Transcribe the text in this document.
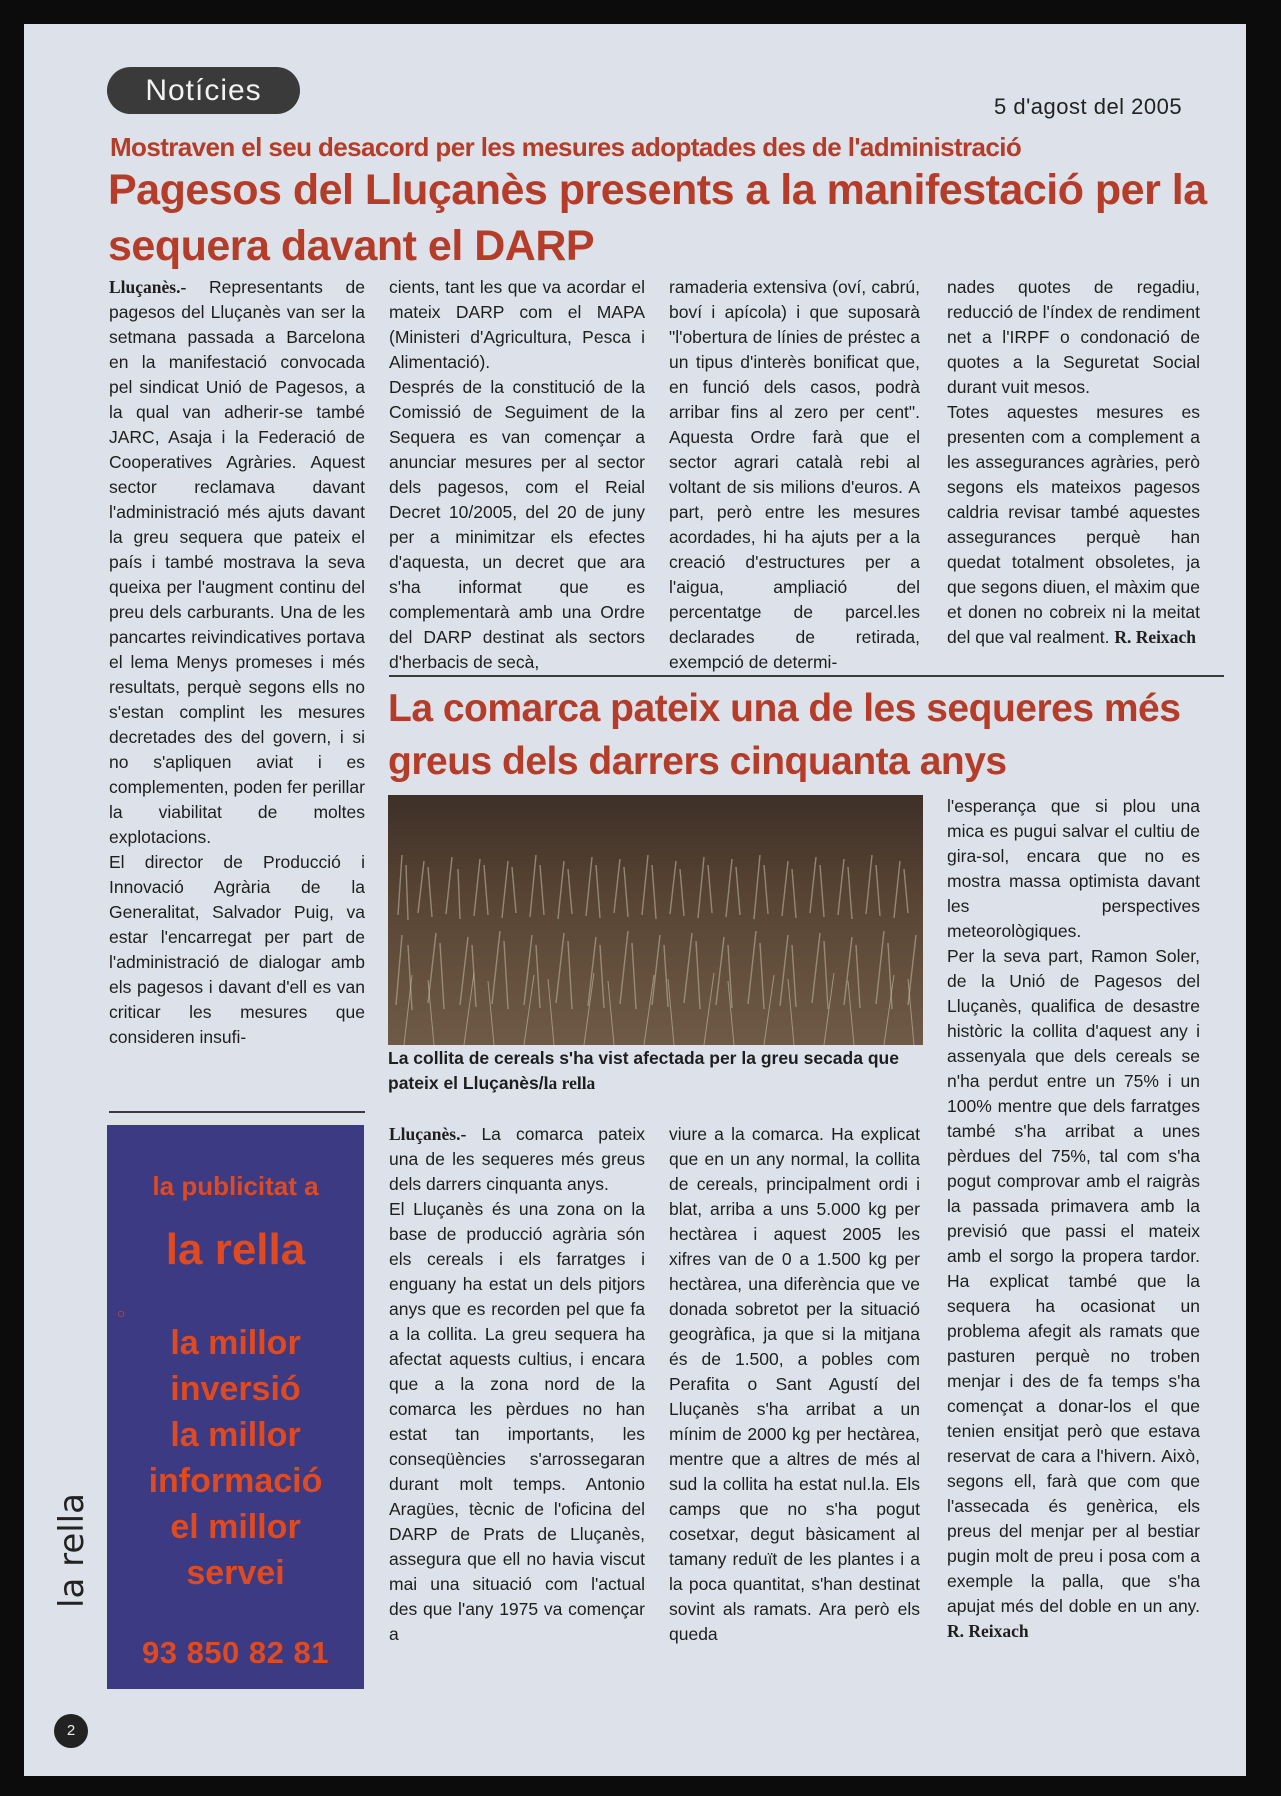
Notícies	5 d'agost del 2005
Mostraven el seu desacord per les mesures adoptades des de l'administració
Pagesos del Lluçanès presents a la manifestació per la sequera davant el DARP

Lluçanès.- Representants de pagesos del Lluçanès van ser la setmana passada a Barcelona en la manifestació convocada pel sindicat Unió de Pagesos, a la qual van adherir-se també JARC, Asaja i la Federació de Cooperatives Agràries. Aquest sector reclamava davant l'administració més ajuts davant la greu sequera que pateix el país i també mostrava la seva queixa per l'augment continu del preu dels carburants. Una de les pancartes reivindicatives portava el lema Menys promeses i més resultats, perquè segons ells no s'estan complint les mesures decretades des del govern, i si no s'apliquen aviat i es complementen, poden fer perillar la viabilitat de moltes explotacions.

El director de Producció i Innovació Agrària de la Generalitat, Salvador Puig, va estar l'encarregat per part de l'administració de dialogar amb els pagesos i davant d'ell es van criticar les mesures que consideren insufi-

cients, tant les que va acordar el mateix DARP com el MAPA (Ministeri d'Agricultura, Pesca i Alimentació).

Després de la constitució de la Comissió de Seguiment de la Sequera es van començar a anunciar mesures per al sector dels pagesos, com el Reial Decret 10/2005, del 20 de juny per a minimitzar els efectes d'aquesta, un decret que ara s'ha informat que es complementarà amb una Ordre del DARP destinat als sectors d'herbacis de secà,

ramaderia extensiva (oví, cabrú, boví i apícola) i que suposarà "l'obertura de línies de préstec a un tipus d'interès bonificat que, en funció dels casos, podrà arribar fins al zero per cent". Aquesta Ordre farà que el sector agrari català rebi al voltant de sis milions d'euros. A part, però entre les mesures acordades, hi ha ajuts per a la creació d'estructures per a l'aigua, ampliació del percentatge de parcel.les declarades de retirada, exempció de determi-

nades quotes de regadiu, reducció de l'índex de rendiment net a l'IRPF o condonació de quotes a la Seguretat Social durant vuit mesos.

Totes aquestes mesures es presenten com a complement a les assegurances agràries, però segons els mateixos pagesos caldria revisar també aquestes assegurances perquè han quedat totalment obsoletes, ja que segons diuen, el màxim que et donen no cobreix ni la meitat del que val realment. R. Reixach

La comarca pateix una de les sequeres més greus dels darrers cinquanta anys
La collita de cereals s'ha vist afectada per la greu secada que pateix el Lluçanès/la rella

Lluçanès.- La comarca pateix una de les sequeres més greus dels darrers cinquanta anys.

El Lluçanès és una zona on la base de producció agrària són els cereals i els farratges i enguany ha estat un dels pitjors anys que es recorden pel que fa a la collita. La greu sequera ha afectat aquests cultius, i encara que a la zona nord de la comarca les pèrdues no han estat tan importants, les conseqüències s'arrossegaran durant molt temps. Antonio Aragües, tècnic de l'oficina del DARP de Prats de Lluçanès, assegura que ell no havia viscut mai una situació com l'actual des que l'any 1975 va començar a

viure a la comarca. Ha explicat que en un any normal, la collita de cereals, principalment ordi i blat, arriba a uns 5.000 kg per hectàrea i aquest 2005 les xifres van de 0 a 1.500 kg per hectàrea, una diferència que ve donada sobretot per la situació geogràfica, ja que si la mitjana és de 1.500, a pobles com Perafita o Sant Agustí del Lluçanès s'ha arribat a un mínim de 2000 kg per hectàrea, mentre que a altres de més al sud la collita ha estat nul.la. Els camps que no s'ha pogut cosetxar, degut bàsicament al tamany reduït de les plantes i a la poca quantitat, s'han destinat sovint als ramats. Ara però els queda

l'esperança que si plou una mica es pugui salvar el cultiu de gira-sol, encara que no es mostra massa optimista davant les perspectives meteorològiques.

Per la seva part, Ramon Soler, de la Unió de Pagesos del Lluçanès, qualifica de desastre històric la collita d'aquest any i assenyala que dels cereals se n'ha perdut entre un 75% i un 100% mentre que dels farratges també s'ha arribat a unes pèrdues del 75%, tal com s'ha pogut comprovar amb el raigràs la passada primavera amb la previsió que passi el mateix amb el sorgo la propera tardor. Ha explicat també que la sequera ha ocasionat un problema afegit als ramats que pasturen perquè no troben menjar i des de fa temps s'ha començat a donar-los el que tenien ensitjat però que estava reservat de cara a l'hivern. Això, segons ell, farà que com que l'assecada és genèrica, els preus del menjar per al bestiar pugin molt de preu i posa com a exemple la palla, que s'ha apujat més del doble en un any. R. Reixach

la publicitat a
la rella
○
la millor
inversió
la millor
informació
el millor
servei
93 850 82 81
la rella
2
